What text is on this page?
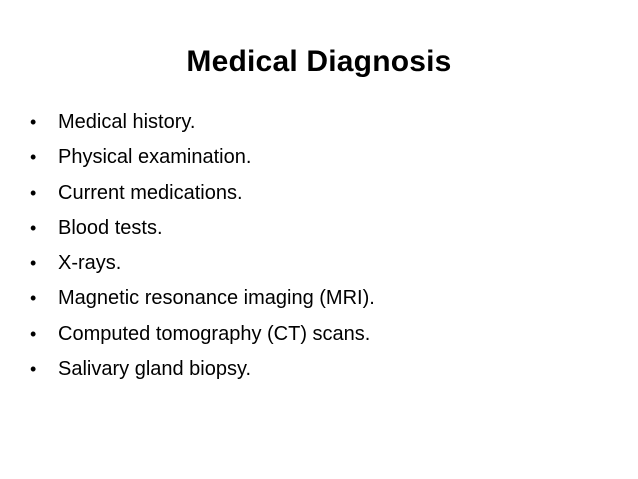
Medical Diagnosis
•	Medical history.
•	Physical examination.
•	Current medications.
•	Blood tests.
•	X-rays.
•	Magnetic resonance imaging (MRI).
•	Computed tomography (CT) scans.
•	Salivary gland biopsy.
